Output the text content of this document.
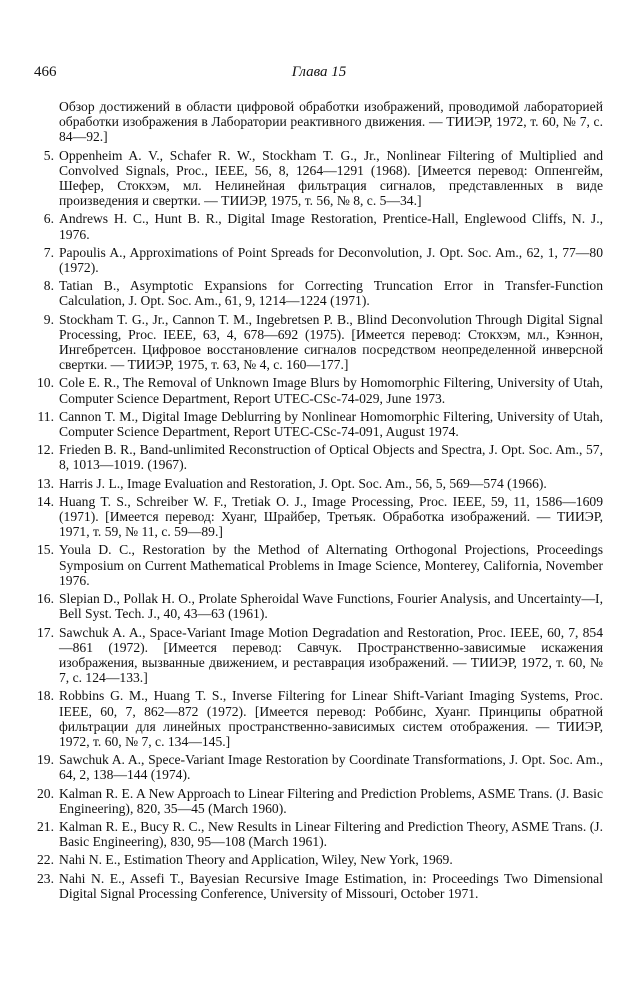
466	Глава 15
Обзор достижений в области цифровой обработки изображений, проводимой лабораторией обработки изображения в Лаборатории реактивного движения. — ТИИЭР, 1972, т. 60, № 7, с. 84—92.]
5. Oppenheim A. V., Schafer R. W., Stockham T. G., Jr., Nonlinear Filtering of Multiplied and Convolved Signals, Proc., IEEE, 56, 8, 1264—1291 (1968). [Имеется перевод: Оппенгейм, Шефер, Стокхэм, мл. Нелинейная фильтрация сигналов, представленных в виде произведения и свертки. — ТИИЭР, 1975, т. 56, № 8, с. 5—34.]
6. Andrews H. C., Hunt B. R., Digital Image Restoration, Prentice-Hall, Englewood Cliffs, N. J., 1976.
7. Papoulis A., Approximations of Point Spreads for Deconvolution, J. Opt. Soc. Am., 62, 1, 77—80 (1972).
8. Tatian B., Asymptotic Expansions for Correcting Truncation Error in Transfer-Function Calculation, J. Opt. Soc. Am., 61, 9, 1214—1224 (1971).
9. Stockham T. G., Jr., Cannon T. M., Ingebretsen P. B., Blind Deconvolution Through Digital Signal Processing, Proc. IEEE, 63, 4, 678—692 (1975). [Имеется перевод: Стокхэм, мл., Кэннон, Ингебретсен. Цифровое восстановление сигналов посредством неопределенной инверсной свертки. — ТИИЭР, 1975, т. 63, № 4, с. 160—177.]
10. Cole E. R., The Removal of Unknown Image Blurs by Homomorphic Filtering, University of Utah, Computer Science Department, Report UTEC-CSc-74-029, June 1973.
11. Cannon T. M., Digital Image Deblurring by Nonlinear Homomorphic Filtering, University of Utah, Computer Science Department, Report UTEC-CSc-74-091, August 1974.
12. Frieden B. R., Band-unlimited Reconstruction of Optical Objects and Spectra, J. Opt. Soc. Am., 57, 8, 1013—1019. (1967).
13. Harris J. L., Image Evaluation and Restoration, J. Opt. Soc. Am., 56, 5, 569—574 (1966).
14. Huang T. S., Schreiber W. F., Tretiak O. J., Image Processing, Proc. IEEE, 59, 11, 1586—1609 (1971). [Имеется перевод: Хуанг, Шрайбер, Третьяк. Обработка изображений. — ТИИЭР, 1971, т. 59, № 11, с. 59—89.]
15. Youla D. C., Restoration by the Method of Alternating Orthogonal Projections, Proceedings Symposium on Current Mathematical Problems in Image Science, Monterey, California, November 1976.
16. Slepian D., Pollak H. O., Prolate Spheroidal Wave Functions, Fourier Analysis, and Uncertainty—I, Bell Syst. Tech. J., 40, 43—63 (1961).
17. Sawchuk A. A., Space-Variant Image Motion Degradation and Restoration, Proc. IEEE, 60, 7, 854—861 (1972). [Имеется перевод: Савчук. Пространственно-зависимые искажения изображения, вызванные движением, и реставрация изображений. — ТИИЭР, 1972, т. 60, № 7, с. 124—133.]
18. Robbins G. M., Huang T. S., Inverse Filtering for Linear Shift-Variant Imaging Systems, Proc. IEEE, 60, 7, 862—872 (1972). [Имеется перевод: Роббинс, Хуанг. Принципы обратной фильтрации для линейных пространственно-зависимых систем отображения. — ТИИЭР, 1972, т. 60, № 7, с. 134—145.]
19. Sawchuk A. A., Spece-Variant Image Restoration by Coordinate Transformations, J. Opt. Soc. Am., 64, 2, 138—144 (1974).
20. Kalman R. E. A New Approach to Linear Filtering and Prediction Problems, ASME Trans. (J. Basic Engineering), 820, 35—45 (March 1960).
21. Kalman R. E., Bucy R. C., New Results in Linear Filtering and Prediction Theory, ASME Trans. (J. Basic Engineering), 830, 95—108 (March 1961).
22. Nahi N. E., Estimation Theory and Application, Wiley, New York, 1969.
23. Nahi N. E., Assefi T., Bayesian Recursive Image Estimation, in: Proceedings Two Dimensional Digital Signal Processing Conference, University of Missouri, October 1971.
